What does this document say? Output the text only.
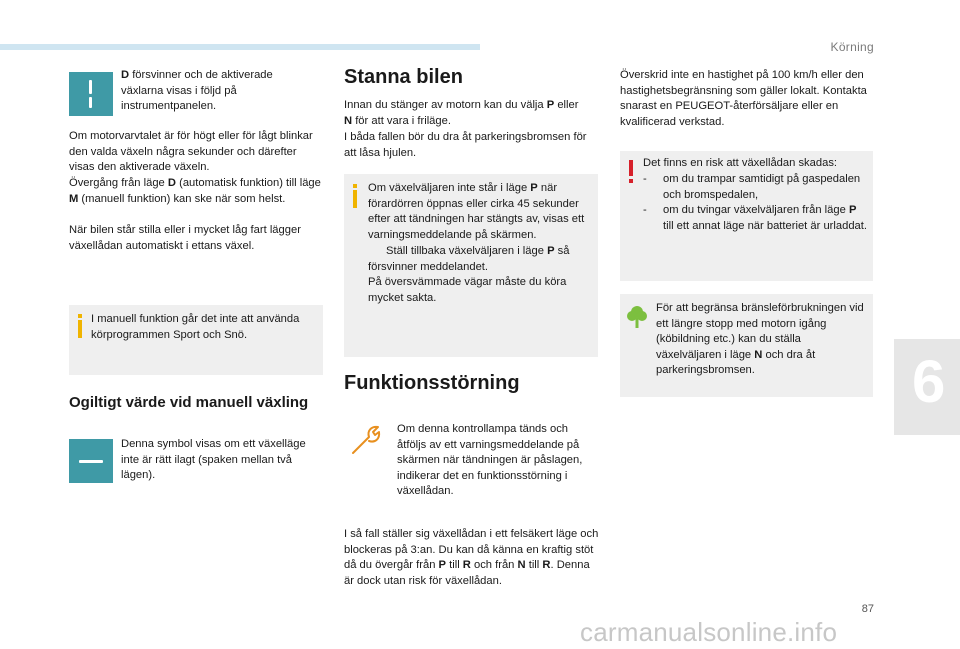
Körning
6
87
carmanualsonline.info

D försvinner och de aktiverade växlarna visas i följd på instrumentpanelen.

Om motorvarvtalet är för högt eller för lågt blinkar den valda växeln några sekunder och därefter visas den aktiverade växeln.

Övergång från läge D (automatisk funktion) till läge M (manuell funktion) kan ske när som helst.

När bilen står stilla eller i mycket låg fart lägger växellådan automatiskt i ettans växel.

I manuell funktion går det inte att använda körprogrammen Sport och Snö.

Ogiltigt värde vid manuell växling

Denna symbol visas om ett växelläge inte är rätt ilagt (spaken mellan två lägen).

Stanna bilen

Innan du stänger av motorn kan du välja P eller
N för att vara i friläge.

I båda fallen bör du dra åt parkeringsbromsen för att låsa hjulen.

Om växelväljaren inte står i läge P när förardörren öppnas eller cirka 45 sekunder efter att tändningen har stängts av, visas ett varningsmeddelande på skärmen.

Ställ tillbaka växelväljaren i läge P så försvinner meddelandet.

På översvämmade vägar måste du köra mycket sakta.

Funktionsstörning

Om denna kontrollampa tänds och åtföljs av ett varningsmeddelande på skärmen när tändningen är påslagen, indikerar det en funktionsstörning i växellådan.

I så fall ställer sig växellådan i ett felsäkert läge och blockeras på 3:an. Du kan då känna en kraftig stöt då du övergår från P till R och från N till R. Denna är dock utan risk för växellådan.

Överskrid inte en hastighet på 100 km/h eller den hastighetsbegränsning som gäller lokalt. Kontakta snarast en PEUGEOT-återförsäljare eller en kvalificerad verkstad.

Det finns en risk att växellådan skadas:

- om du trampar samtidigt på gaspedalen och bromspedalen,
- om du tvingar växelväljaren från läge P till ett annat läge när batteriet är urladdat.

För att begränsa bränsleförbrukningen vid ett längre stopp med motorn igång (köbildning etc.) kan du ställa växelväljaren i läge N och dra åt parkeringsbromsen.
